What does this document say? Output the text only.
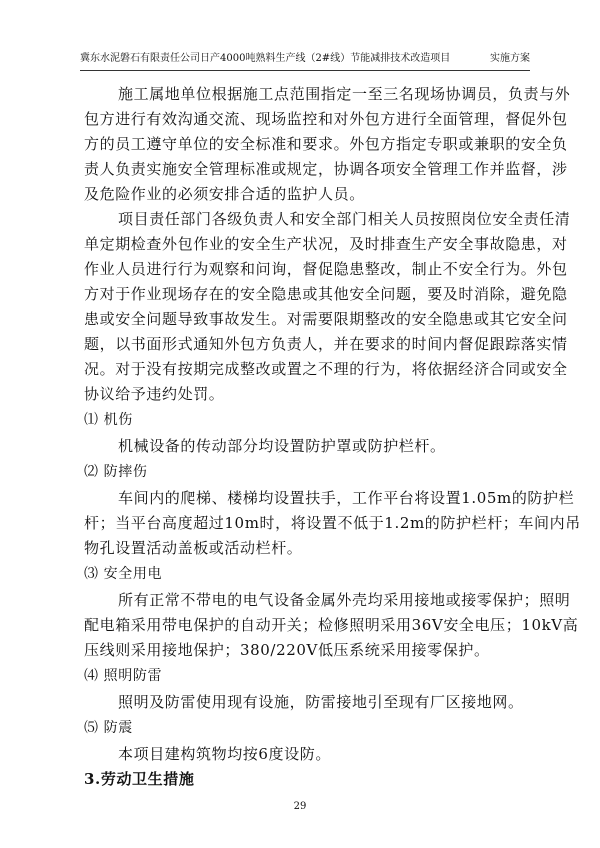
冀东水泥磐石有限责任公司日产4000吨熟料生产线（2#线）节能减排技术改造项目	实施方案
施工属地单位根据施工点范围指定一至三名现场协调员，负责与外
包方进行有效沟通交流、现场监控和对外包方进行全面管理，督促外包
方的员工遵守单位的安全标准和要求。外包方指定专职或兼职的安全负
责人负责实施安全管理标准或规定，协调各项安全管理工作并监督，涉
及危险作业的必须安排合适的监护人员。
项目责任部门各级负责人和安全部门相关人员按照岗位安全责任清
单定期检查外包作业的安全生产状况，及时排查生产安全事故隐患，对
作业人员进行行为观察和问询，督促隐患整改，制止不安全行为。外包
方对于作业现场存在的安全隐患或其他安全问题，要及时消除，避免隐
患或安全问题导致事故发生。对需要限期整改的安全隐患或其它安全问
题，以书面形式通知外包方负责人，并在要求的时间内督促跟踪落实情
况。对于没有按期完成整改或置之不理的行为，将依据经济合同或安全
协议给予违约处罚。
⑴ 机伤
机械设备的传动部分均设置防护罩或防护栏杆。
⑵ 防摔伤
车间内的爬梯、楼梯均设置扶手，工作平台将设置1.05m的防护栏
杆；当平台高度超过10m时，将设置不低于1.2m的防护栏杆；车间内吊
物孔设置活动盖板或活动栏杆。
⑶ 安全用电
所有正常不带电的电气设备金属外壳均采用接地或接零保护；照明
配电箱采用带电保护的自动开关；检修照明采用36V安全电压；10kV高
压线则采用接地保护；380/220V低压系统采用接零保护。
⑷ 照明防雷
照明及防雷使用现有设施，防雷接地引至现有厂区接地网。
⑸ 防震
本项目建构筑物均按6度设防。
3.劳动卫生措施
29
